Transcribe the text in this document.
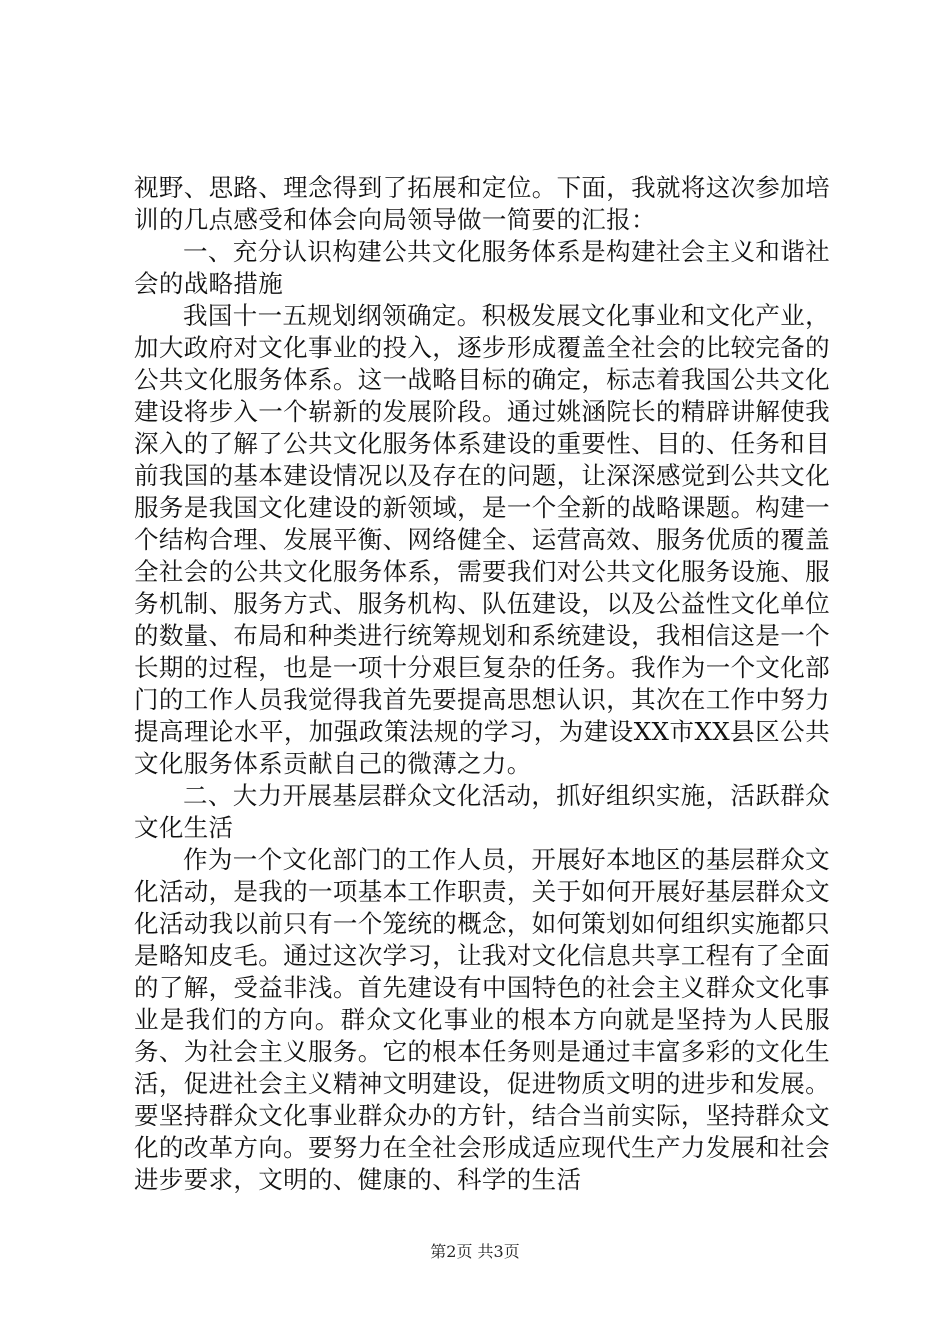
视野、思路、理念得到了拓展和定位。下面，我就将这次参加培训的几点感受和体会向局领导做一简要的汇报：

一、充分认识构建公共文化服务体系是构建社会主义和谐社会的战略措施

我国十一五规划纲领确定。积极发展文化事业和文化产业，加大政府对文化事业的投入，逐步形成覆盖全社会的比较完备的公共文化服务体系。这一战略目标的确定，标志着我国公共文化建设将步入一个崭新的发展阶段。通过姚涵院长的精辟讲解使我深入的了解了公共文化服务体系建设的重要性、目的、任务和目前我国的基本建设情况以及存在的问题，让深深感觉到公共文化服务是我国文化建设的新领域，是一个全新的战略课题。构建一个结构合理、发展平衡、网络健全、运营高效、服务优质的覆盖全社会的公共文化服务体系，需要我们对公共文化服务设施、服务机制、服务方式、服务机构、队伍建设，以及公益性文化单位的数量、布局和种类进行统筹规划和系统建设，我相信这是一个长期的过程，也是一项十分艰巨复杂的任务。我作为一个文化部门的工作人员我觉得我首先要提高思想认识，其次在工作中努力提高理论水平，加强政策法规的学习，为建设XX市XX县区公共文化服务体系贡献自己的微薄之力。

二、大力开展基层群众文化活动，抓好组织实施，活跃群众文化生活

作为一个文化部门的工作人员，开展好本地区的基层群众文化活动，是我的一项基本工作职责，关于如何开展好基层群众文化活动我以前只有一个笼统的概念，如何策划如何组织实施都只是略知皮毛。通过这次学习，让我对文化信息共享工程有了全面的了解，受益非浅。首先建设有中国特色的社会主义群众文化事业是我们的方向。群众文化事业的根本方向就是坚持为人民服务、为社会主义服务。它的根本任务则是通过丰富多彩的文化生活，促进社会主义精神文明建设，促进物质文明的进步和发展。要坚持群众文化事业群众办的方针，结合当前实际，坚持群众文化的改革方向。要努力在全社会形成适应现代生产力发展和社会进步要求，文明的、健康的、科学的生活

第2页 共3页
